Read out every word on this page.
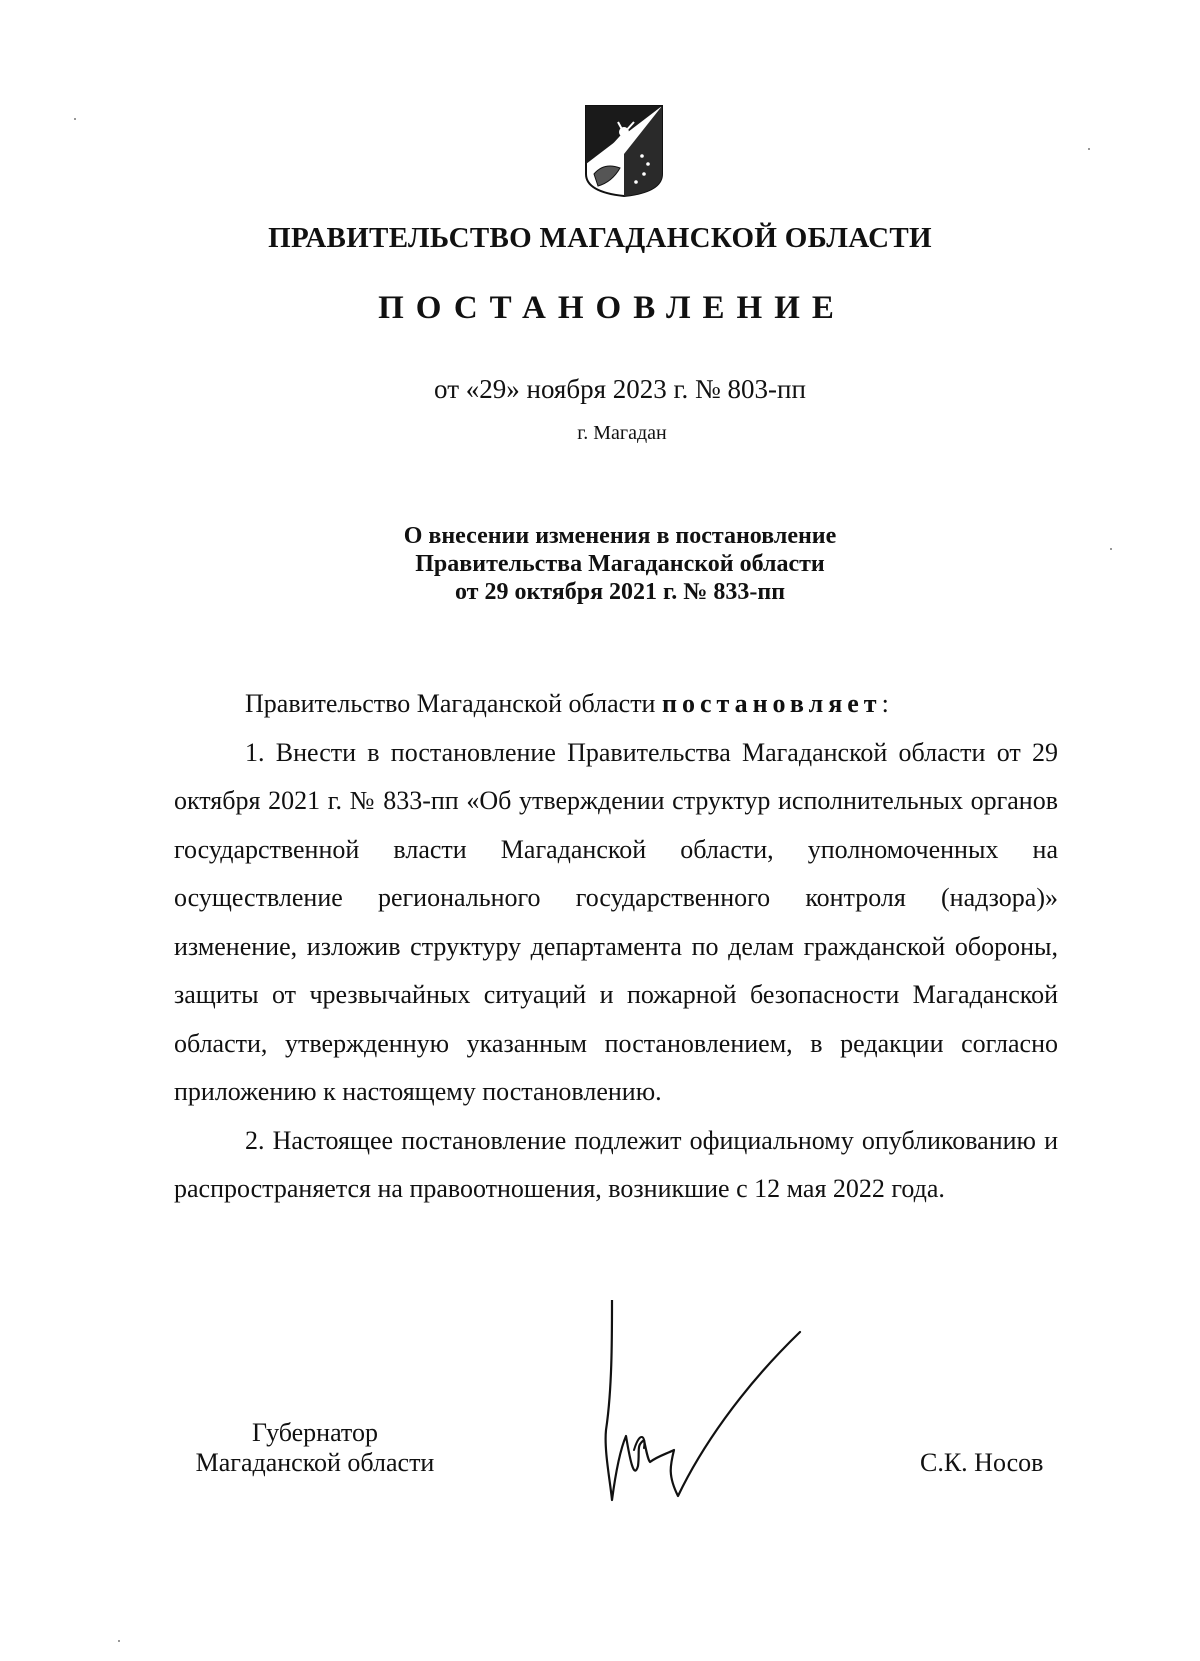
ПРАВИТЕЛЬСТВО МАГАДАНСКОЙ ОБЛАСТИ
ПОСТАНОВЛЕНИЕ
от «29» ноября 2023 г. № 803-пп
г. Магадан
О внесении изменения в постановление
Правительства Магаданской области
от 29 октября 2021 г. № 833-пп

Правительство Магаданской области постановляет:

1. Внести в постановление Правительства Магаданской области от 29 октября 2021 г. № 833-пп «Об утверждении структур исполнительных органов государственной власти Магаданской области, уполномоченных на осуществление регионального государственного контроля (надзора)» изменение, изложив структуру департамента по делам гражданской обороны, защиты от чрезвычайных ситуаций и пожарной безопасности Магаданской области, утвержденную указанным постановлением, в редакции согласно приложению к настоящему постановлению.

2. Настоящее постановление подлежит официальному опубликованию и распространяется на правоотношения, возникшие с 12 мая 2022 года.

Губернатор
Магаданской области	С.К. Носов
